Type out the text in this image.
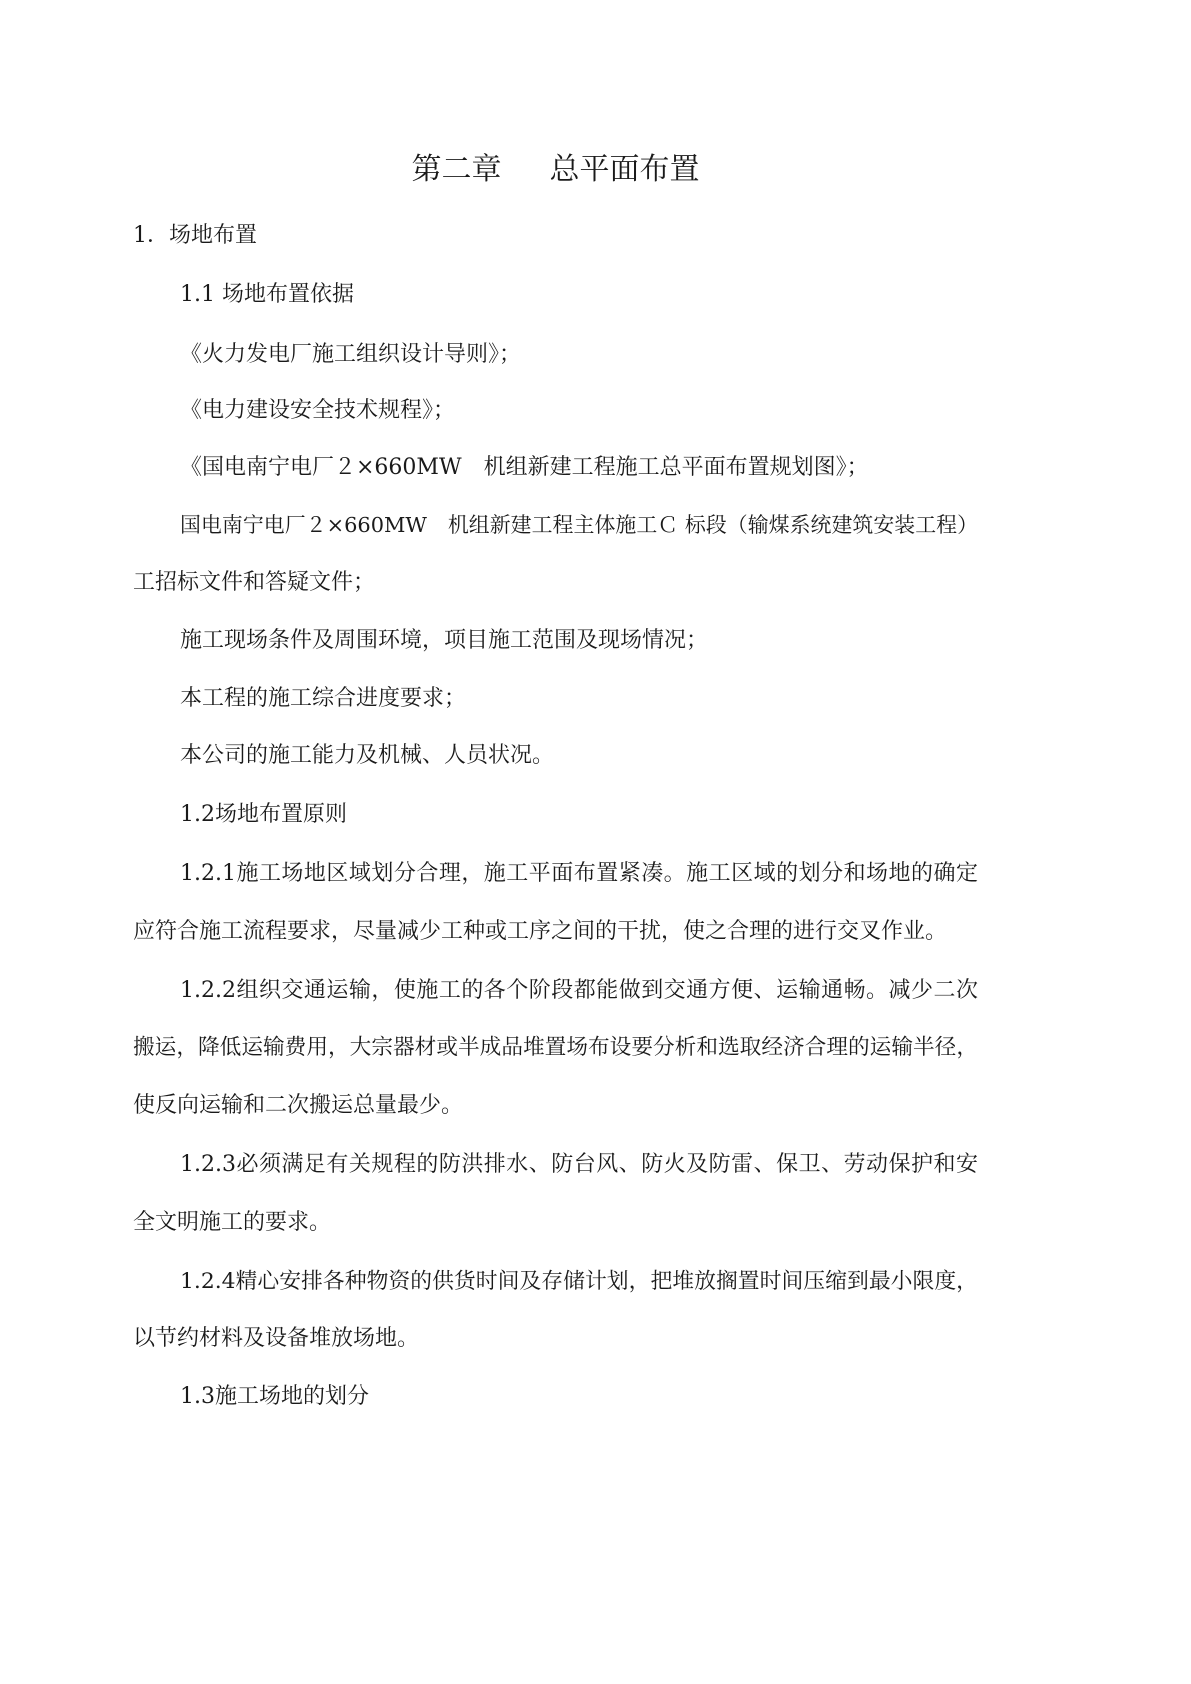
第二章 总平面布置
1．场地布置
1.1 场地布置依据
《火力发电厂施工组织设计导则》；
《电力建设安全技术规程》；
《国电南宁电厂２×660MW　机组新建工程施工总平面布置规划图》；
国电南宁电厂２×660MW　机组新建工程主体施工Ｃ 标段（输煤系统建筑安装工程）
工招标文件和答疑文件；
施工现场条件及周围环境，项目施工范围及现场情况；
本工程的施工综合进度要求；
本公司的施工能力及机械、人员状况。
1.2场地布置原则
1.2.1施工场地区域划分合理，施工平面布置紧凑。施工区域的划分和场地的确定
应符合施工流程要求，尽量减少工种或工序之间的干扰，使之合理的进行交叉作业。
1.2.2组织交通运输，使施工的各个阶段都能做到交通方便、运输通畅。减少二次
搬运，降低运输费用，大宗器材或半成品堆置场布设要分析和选取经济合理的运输半径，
使反向运输和二次搬运总量最少。
1.2.3必须满足有关规程的防洪排水、防台风、防火及防雷、保卫、劳动保护和安
全文明施工的要求。
1.2.4精心安排各种物资的供货时间及存储计划，把堆放搁置时间压缩到最小限度，
以节约材料及设备堆放场地。
1.3施工场地的划分
